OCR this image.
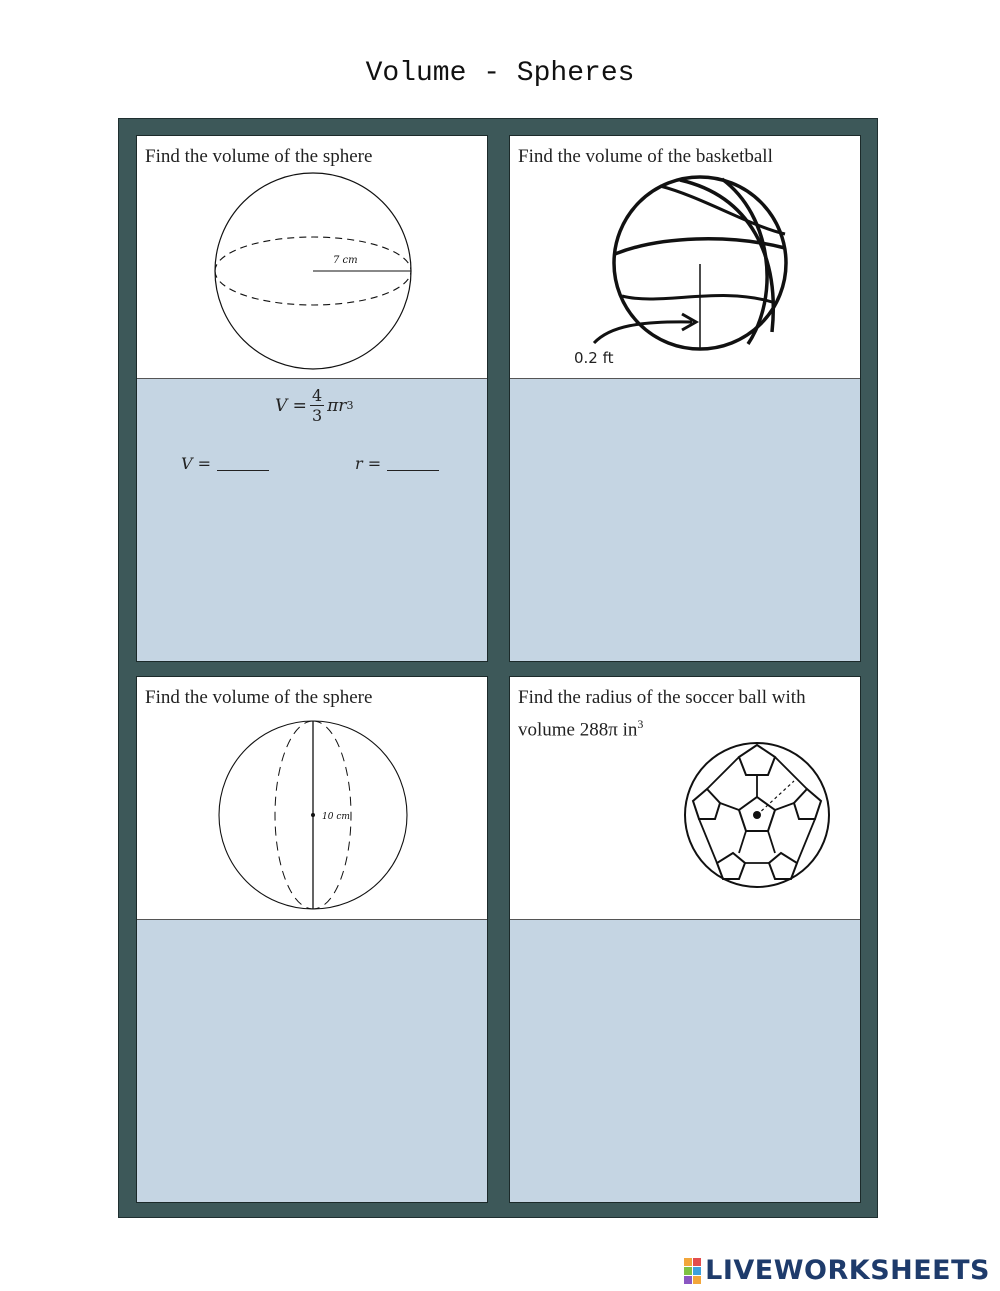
Volume - Spheres
Find the volume of the sphere
7 cm
$V = \frac{4}{3}$ πr 3
V =	r =
Find the volume of the basketball
0.2 ft
Find the volume of the sphere
10 cm
Find the radius of the soccer ball with
volume 288π $in^3$
LIVEWORKSHEETS
